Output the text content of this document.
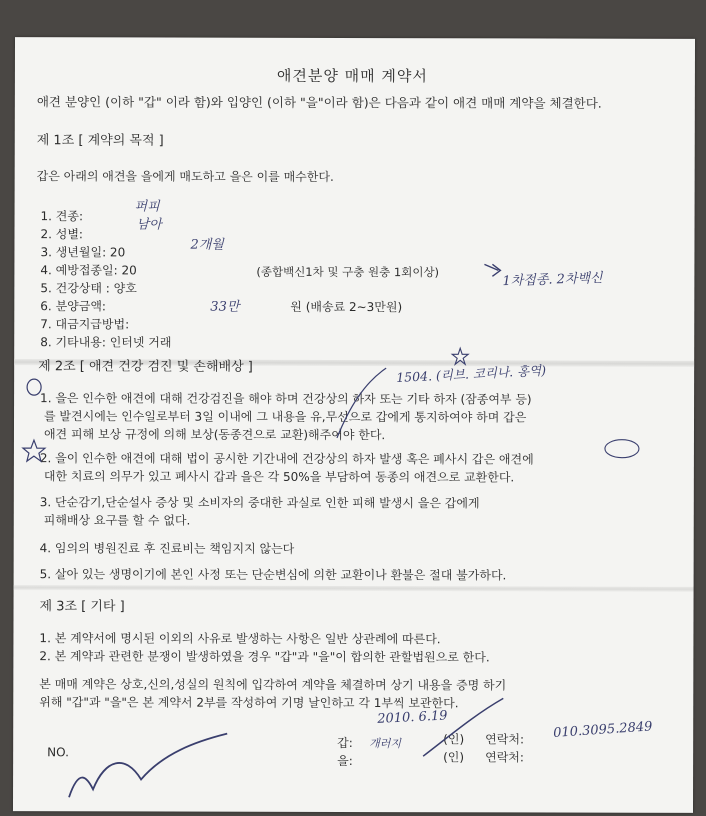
애견분양 매매 계약서
애견 분양인 (이하 "갑" 이라 함)와 입양인 (이하 "을"이라 함)은 다음과 같이 애견 매매 계약을 체결한다.
제 1조 [ 계약의 목적 ]
갑은 아래의 애견을 을에게 매도하고 을은 이를 매수한다.
1. 견종:
2. 성별:
3. 생년월일: 20
4. 예방접종일: 20
5. 건강상태 : 양호
6. 분양금액:
7. 대금지급방법:
8. 기타내용: 인터넷 거래
(종합백신1차 및 구충 원충 1회이상)
원 (배송료 2~3만원)
제 2조 [ 애견 건강 검진 및 손해배상 ]
1. 을은 인수한 애견에 대해 건강검진을 해야 하며 건강상의 하자 또는 기타 하자 (잠종여부 등)
를 발견시에는 인수일로부터 3일 이내에 그 내용을 유,무선으로 갑에게 통지하여야 하며 갑은
애견 피해 보상 규정에 의해 보상(동종견으로 교환)해주어야 한다.
2. 을이 인수한 애견에 대해 법이 공시한 기간내에 건강상의 하자 발생 혹은 폐사시 갑은 애견에
대한 치료의 의무가 있고 폐사시 갑과 을은 각 50%을 부담하여 동종의 애견으로 교환한다.
3. 단순감기,단순설사 증상 및 소비자의 중대한 과실로 인한 피해 발생시 을은 갑에게
피해배상 요구를 할 수 없다.
4. 임의의 병원진료 후 진료비는 책임지지 않는다
5. 살아 있는 생명이기에 본인 사정 또는 단순변심에 의한 교환이나 환불은 절대 불가하다.
제 3조 [ 기타 ]
1. 본 계약서에 명시된 이외의 사유로 발생하는 사항은 일반 상관례에 따른다.
2. 본 계약과 관련한 분쟁이 발생하였을 경우 "갑"과 "을"이 합의한 관할법원으로 한다.
본 매매 계약은 상호,신의,성실의 원칙에 입각하여 계약을 체결하며 상기 내용을 증명 하기
위해 "갑"과 "을"은 본 계약서 2부를 작성하여 기명 날인하고 각 1부씩 보관한다.
NO.
갑:
을:
(인)
(인)
연락처:
연락처:
퍼피
남아
2개월
1차접종. 2차백신
33만
1504. (리브. 코리나. 홍역)
2010. 6.19
개러지
010.3095.2849
